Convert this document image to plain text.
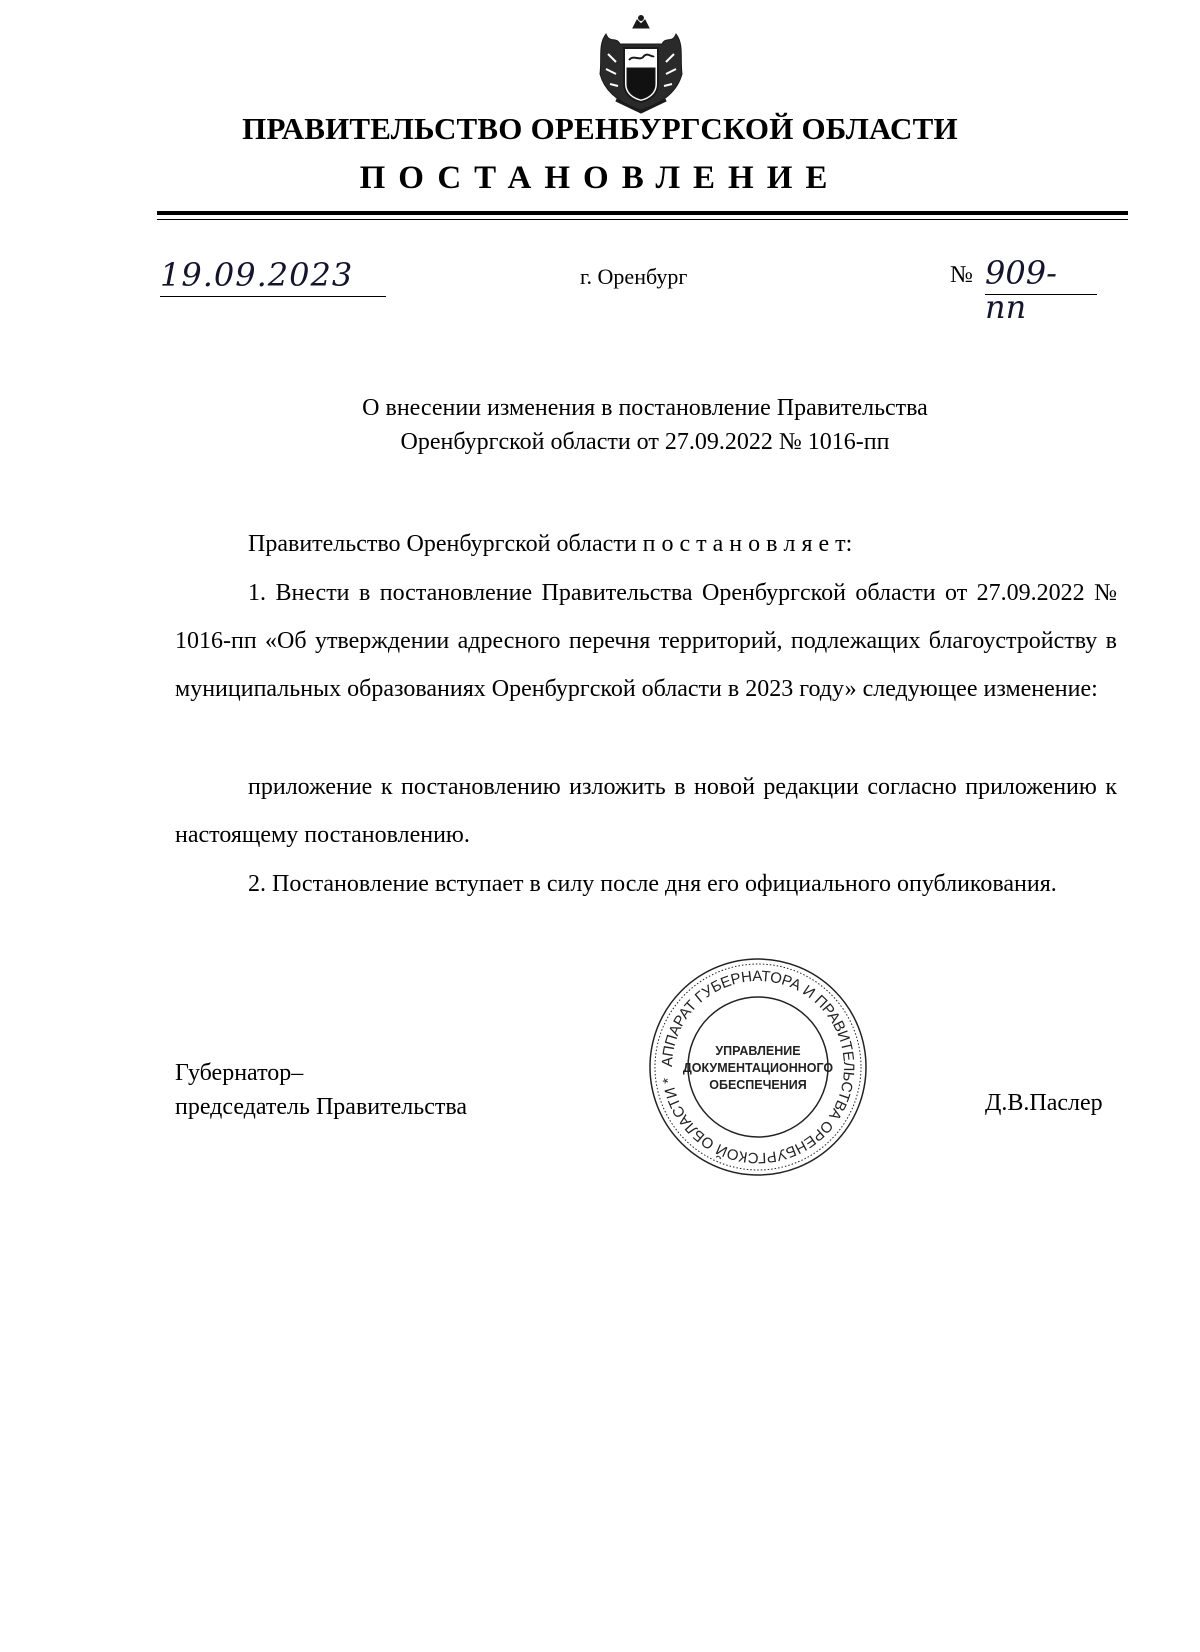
ПРАВИТЕЛЬСТВО ОРЕНБУРГСКОЙ ОБЛАСТИ
ПОСТАНОВЛЕНИЕ
19.09.2023	г. Оренбург	№ 909-пп
О внесении изменения в постановление Правительства
Оренбургской области от 27.09.2022 № 1016-пп
Правительство Оренбургской области п о с т а н о в л я е т:
1. Внести в постановление Правительства Оренбургской области от 27.09.2022 № 1016-пп «Об утверждении адресного перечня территорий, подлежащих благоустройству в муниципальных образованиях Оренбургской области в 2023 году» следующее изменение:
приложение к постановлению изложить в новой редакции согласно приложению к настоящему постановлению.
2. Постановление вступает в силу после дня его официального опубликования.
Губернатор–
председатель Правительства	Д.В.Паслер
АППАРАТ ГУБЕРНАТОРА И ПРАВИТЕЛЬСТВА ОРЕНБУРГСКОЙ ОБЛАСТИ *
УПРАВЛЕНИЕ
ДОКУМЕНТАЦИОННОГО
ОБЕСПЕЧЕНИЯ
